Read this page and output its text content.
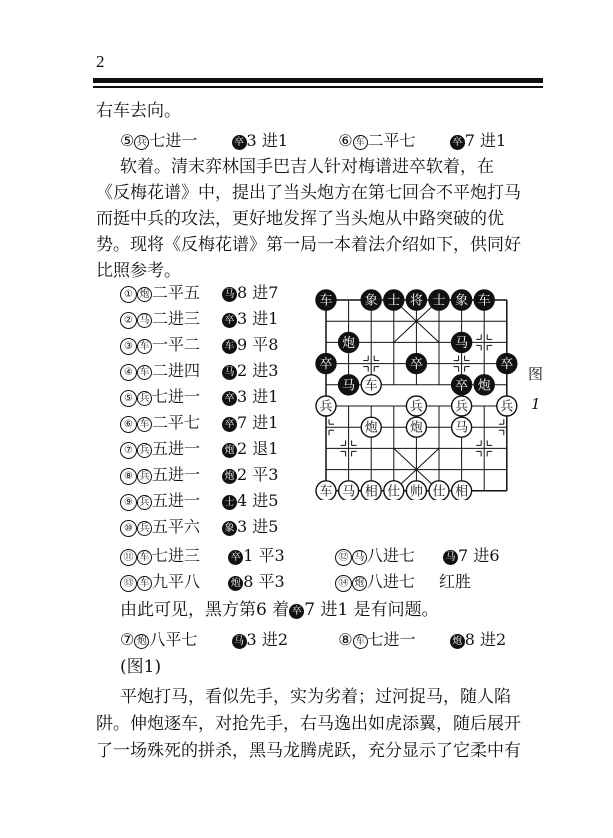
2
右车去向。
⑤ 兵 七进一	卒 3 进1	⑥ 车 二平七	卒 7 进1
软着。清末弈林国手巴吉人针对梅谱进卒软着，在
《反梅花谱》中，提出了当头炮方在第七回合不平炮打马
而挺中兵的攻法，更好地发挥了当头炮从中路突破的优
势。现将《反梅花谱》第一局一本着法介绍如下，供同好
比照参考。
① 炮 二平五 马 8 进7
② 马 二进三 卒 3 进1
③ 车 一平二 车 9 平8
④ 车 二进四 马 2 进3
⑤ 兵 七进一 卒 3 进1
⑥ 车 二平七 卒 7 进1
⑦ 兵 五进一 炮 2 退1
⑧ 兵 五进一 炮 2 平3
⑨ 兵 五进一 士 4 进5
⑩ 兵 五平六 象 3 进5
⑪ 车 七进三	卒 1 平3	⑫ 马 八进七	马 7 进6
⑬ 车 九平八	炮 8 平3	⑭ 炮 八进七 红胜
由此可见，黑方第6 着 卒 7 进1 是有问题。
⑦ 炮 八平七	马 3 进2	⑧ 车 七进一	炮 8 进2
(图1)
平炮打马，看似先手，实为劣着；过河捉马，随人陷
阱。伸炮逐车，对抢先手，右马逸出如虎添翼，随后展开
了一场殊死的拼杀，黑马龙腾虎跃，充分显示了它柔中有
车 象 士 将 士 象 车
炮	马
卒	卒	卒
马 车	卒 炮
兵	兵 兵 兵
炮 炮 马
车 马 相 仕 帅 仕 相
图
1
